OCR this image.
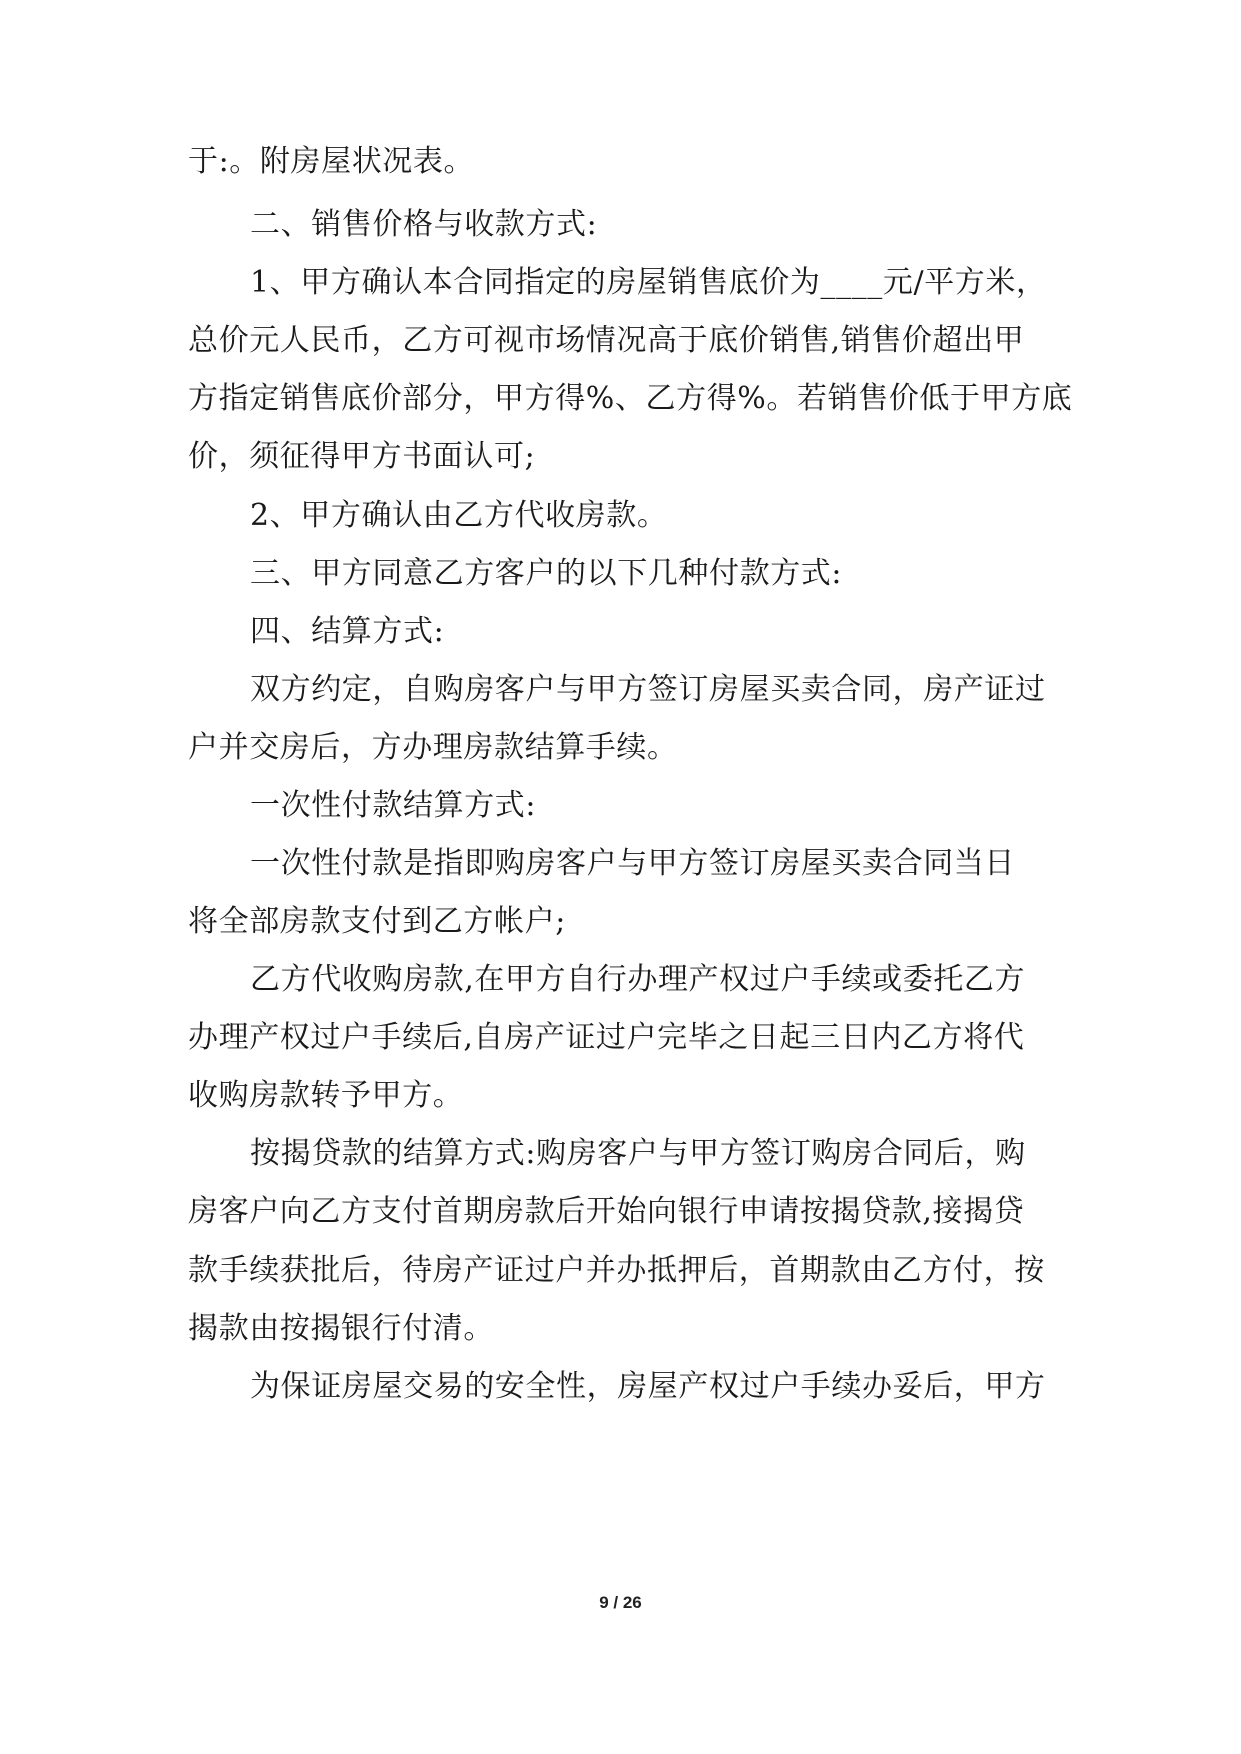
于:。附房屋状况表。
二、销售价格与收款方式:
1、甲方确认本合同指定的房屋销售底价为____元/平方米，
总价元人民币，乙方可视市场情况高于底价销售,销售价超出甲
方指定销售底价部分，甲方得%、乙方得%。若销售价低于甲方底
价，须征得甲方书面认可;
2、甲方确认由乙方代收房款。
三、甲方同意乙方客户的以下几种付款方式:
四、结算方式:
双方约定，自购房客户与甲方签订房屋买卖合同，房产证过
户并交房后，方办理房款结算手续。
一次性付款结算方式:
一次性付款是指即购房客户与甲方签订房屋买卖合同当日
将全部房款支付到乙方帐户;
乙方代收购房款,在甲方自行办理产权过户手续或委托乙方
办理产权过户手续后,自房产证过户完毕之日起三日内乙方将代
收购房款转予甲方。
按揭贷款的结算方式:购房客户与甲方签订购房合同后，购
房客户向乙方支付首期房款后开始向银行申请按揭贷款,接揭贷
款手续获批后，待房产证过户并办抵押后，首期款由乙方付，按
揭款由按揭银行付清。
为保证房屋交易的安全性，房屋产权过户手续办妥后，甲方
9 / 26
